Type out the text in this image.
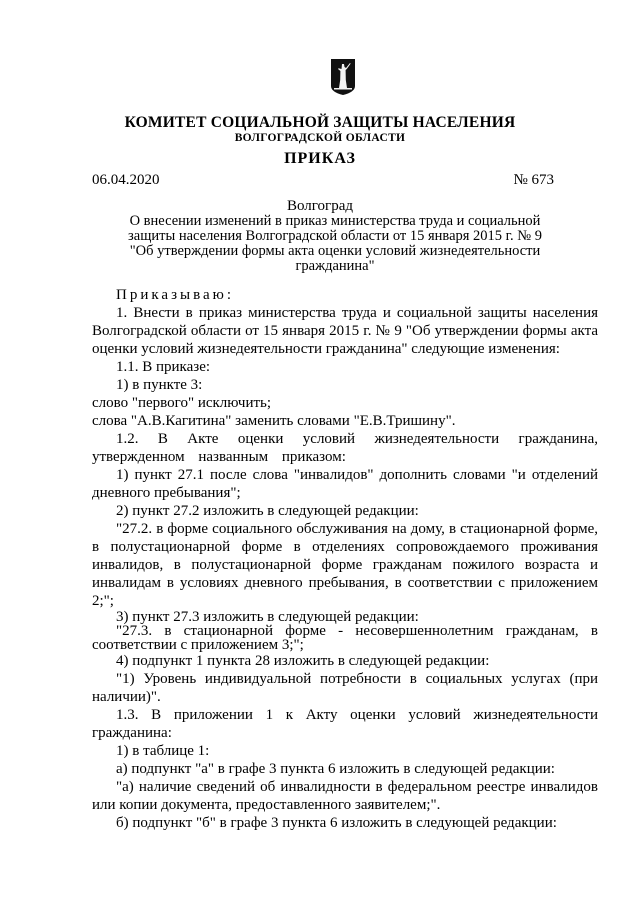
КОМИТЕТ СОЦИАЛЬНОЙ ЗАЩИТЫ НАСЕЛЕНИЯ
ВОЛГОГРАДСКОЙ ОБЛАСТИ
ПРИКАЗ
06.04.2020	№ 673
Волгоград
О внесении изменений в приказ министерства труда и социальной
защиты населения Волгоградской области от 15 января 2015 г. № 9
"Об утверждении формы акта оценки условий жизнедеятельности
гражданина"

Приказываю:

1. Внести в приказ министерства труда и социальной защиты населения Волгоградской области от 15 января 2015 г. № 9 "Об утверждении формы акта оценки условий жизнедеятельности гражданина" следующие изменения:

1.1. В приказе:

1) в пункте 3:

слово "первого" исключить;

слова "А.В.Кагитина" заменить словами "Е.В.Тришину".

1.2. В Акте оценки условий жизнедеятельности гражданина, утвержденном названным приказом:

1) пункт 27.1 после слова "инвалидов" дополнить словами "и отделений дневного пребывания";

2) пункт 27.2 изложить в следующей редакции:

"27.2. в форме социального обслуживания на дому, в стационарной форме, в полустационарной форме в отделениях сопровождаемого проживания инвалидов, в полустационарной форме гражданам пожилого возраста и инвалидам в условиях дневного пребывания, в соответствии с приложением 2;";

3) пункт 27.3 изложить в следующей редакции:

"27.3. в стационарной форме - несовершеннолетним гражданам, в соответствии с приложением 3;";

4) подпункт 1 пункта 28 изложить в следующей редакции:

"1) Уровень индивидуальной потребности в социальных услугах (при наличии)".

1.3. В приложении 1 к Акту оценки условий жизнедеятельности гражданина:

1) в таблице 1:

а) подпункт "а" в графе 3 пункта 6 изложить в следующей редакции:

"а) наличие сведений об инвалидности в федеральном реестре инвалидов или копии документа, предоставленного заявителем;".

б) подпункт "б" в графе 3 пункта 6 изложить в следующей редакции:
